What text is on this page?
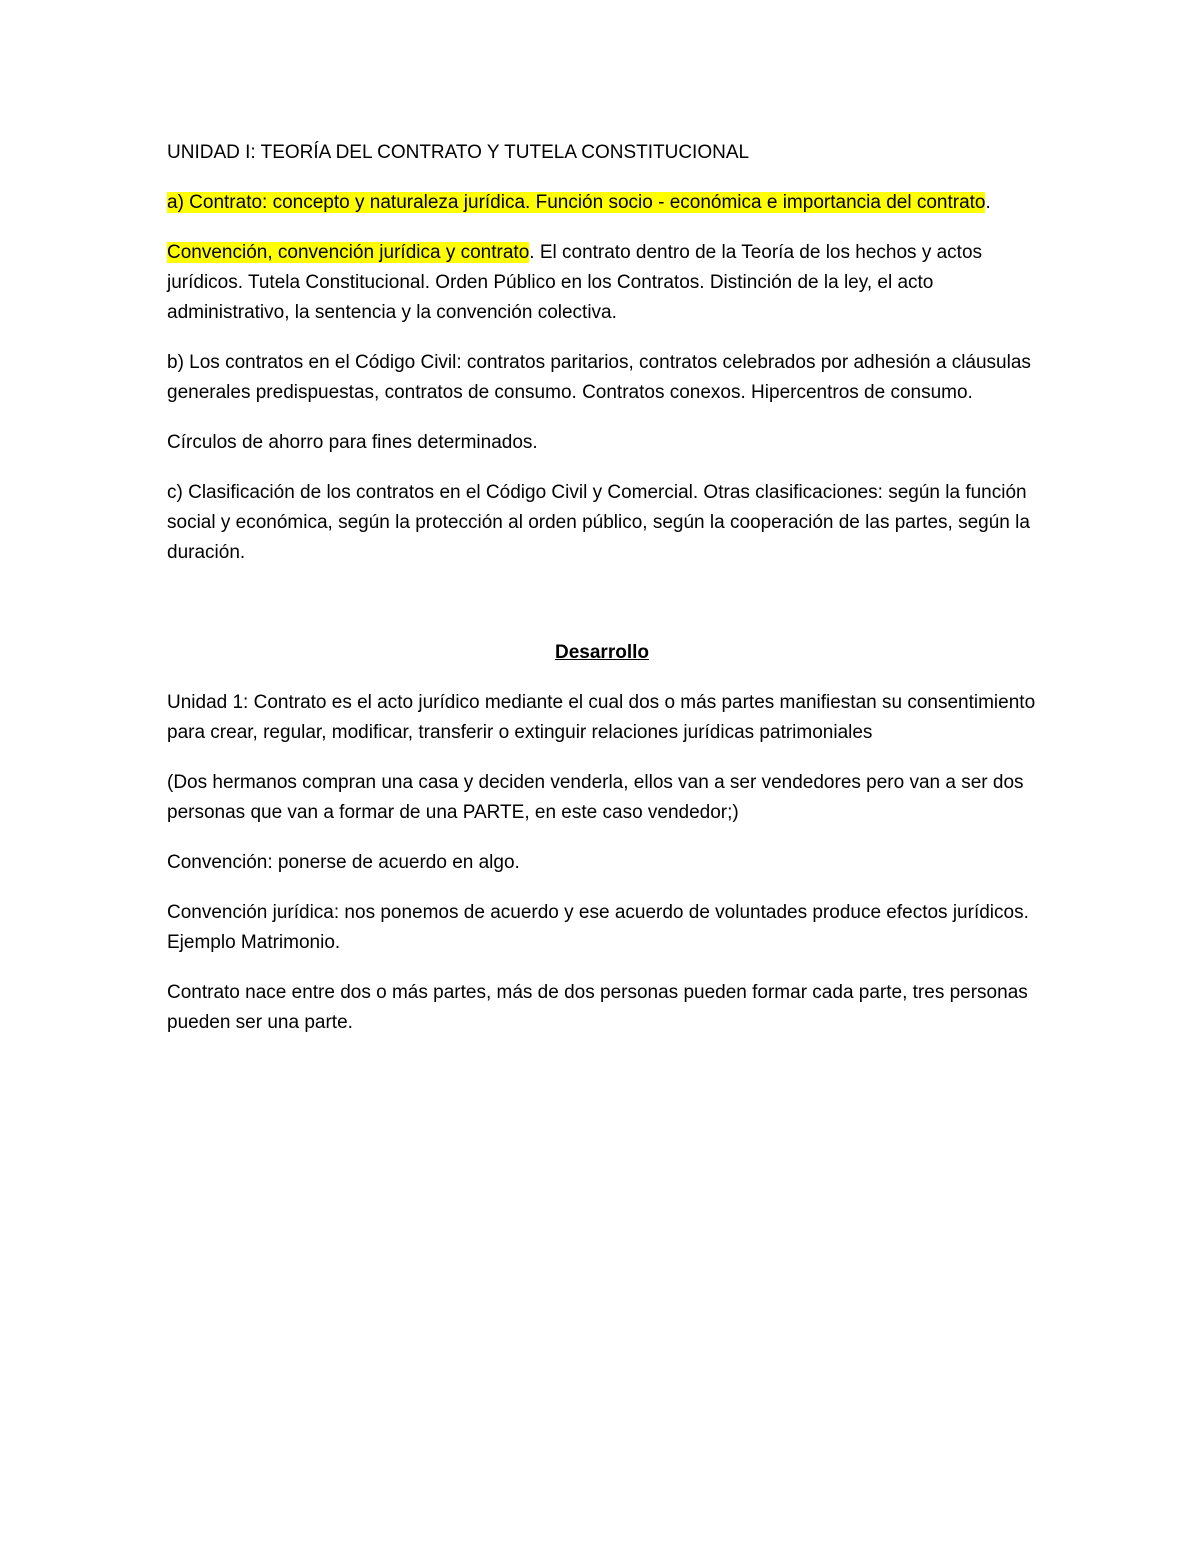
UNIDAD I: TEORÍA DEL CONTRATO Y TUTELA CONSTITUCIONAL

a) Contrato: concepto y naturaleza jurídica. Función socio - económica e importancia del contrato.

Convención, convención jurídica y contrato. El contrato dentro de la Teoría de los hechos y actos jurídicos. Tutela Constitucional. Orden Público en los Contratos. Distinción de la ley, el acto administrativo, la sentencia y la convención colectiva.

b) Los contratos en el Código Civil: contratos paritarios, contratos celebrados por adhesión a cláusulas generales predispuestas, contratos de consumo. Contratos conexos. Hipercentros de consumo.

Círculos de ahorro para fines determinados.

c) Clasificación de los contratos en el Código Civil y Comercial. Otras clasificaciones: según la función social y económica, según la protección al orden público, según la cooperación de las partes, según la duración.

Desarrollo

Unidad 1: Contrato es el acto jurídico mediante el cual dos o más partes manifiestan su consentimiento para crear, regular, modificar, transferir o extinguir relaciones jurídicas patrimoniales

(Dos hermanos compran una casa y deciden venderla, ellos van a ser vendedores pero van a ser dos personas que van a formar de una PARTE, en este caso vendedor;)

Convención: ponerse de acuerdo en algo.

Convención jurídica: nos ponemos de acuerdo y ese acuerdo de voluntades produce efectos jurídicos. Ejemplo Matrimonio.

Contrato nace entre dos o más partes, más de dos personas pueden formar cada parte, tres personas pueden ser una parte.
